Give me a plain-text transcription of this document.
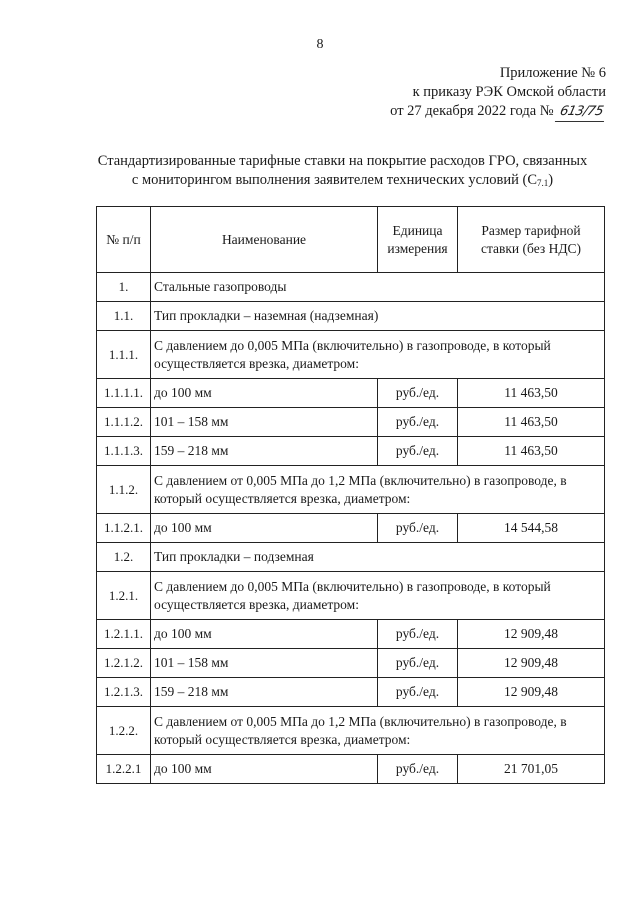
8
Приложение № 6
к приказу РЭК Омской области
от 27 декабря 2022 года № 613/75
Стандартизированные тарифные ставки на покрытие расходов ГРО, связанных
с мониторингом выполнения заявителем технических условий $(С_{7.1})$
№ п/п	Наименование	Единица измерения	Размер тарифной ставки (без НДС)
1.	Стальные газопроводы		
1.1.	Тип прокладки – наземная (надземная)		
1.1.1.	С давлением до 0,005 МПа (включительно) в газопроводе, в который осуществляется врезка, диаметром:		
1.1.1.1.	до 100 мм	руб./ед.	11 463,50
1.1.1.2.	101 – 158 мм	руб./ед.	11 463,50
1.1.1.3.	159 – 218 мм	руб./ед.	11 463,50
1.1.2.	С давлением от 0,005 МПа до 1,2 МПа (включительно) в газопроводе, в который осуществляется врезка, диаметром:		
1.1.2.1.	до 100 мм	руб./ед.	14 544,58
1.2.	Тип прокладки – подземная		
1.2.1.	С давлением до 0,005 МПа (включительно) в газопроводе, в который осуществляется врезка, диаметром:		
1.2.1.1.	до 100 мм	руб./ед.	12 909,48
1.2.1.2.	101 – 158 мм	руб./ед.	12 909,48
1.2.1.3.	159 – 218 мм	руб./ед.	12 909,48
1.2.2.	С давлением от 0,005 МПа до 1,2 МПа (включительно) в газопроводе, в который осуществляется врезка, диаметром:		
1.2.2.1	до 100 мм	руб./ед.	21 701,05
